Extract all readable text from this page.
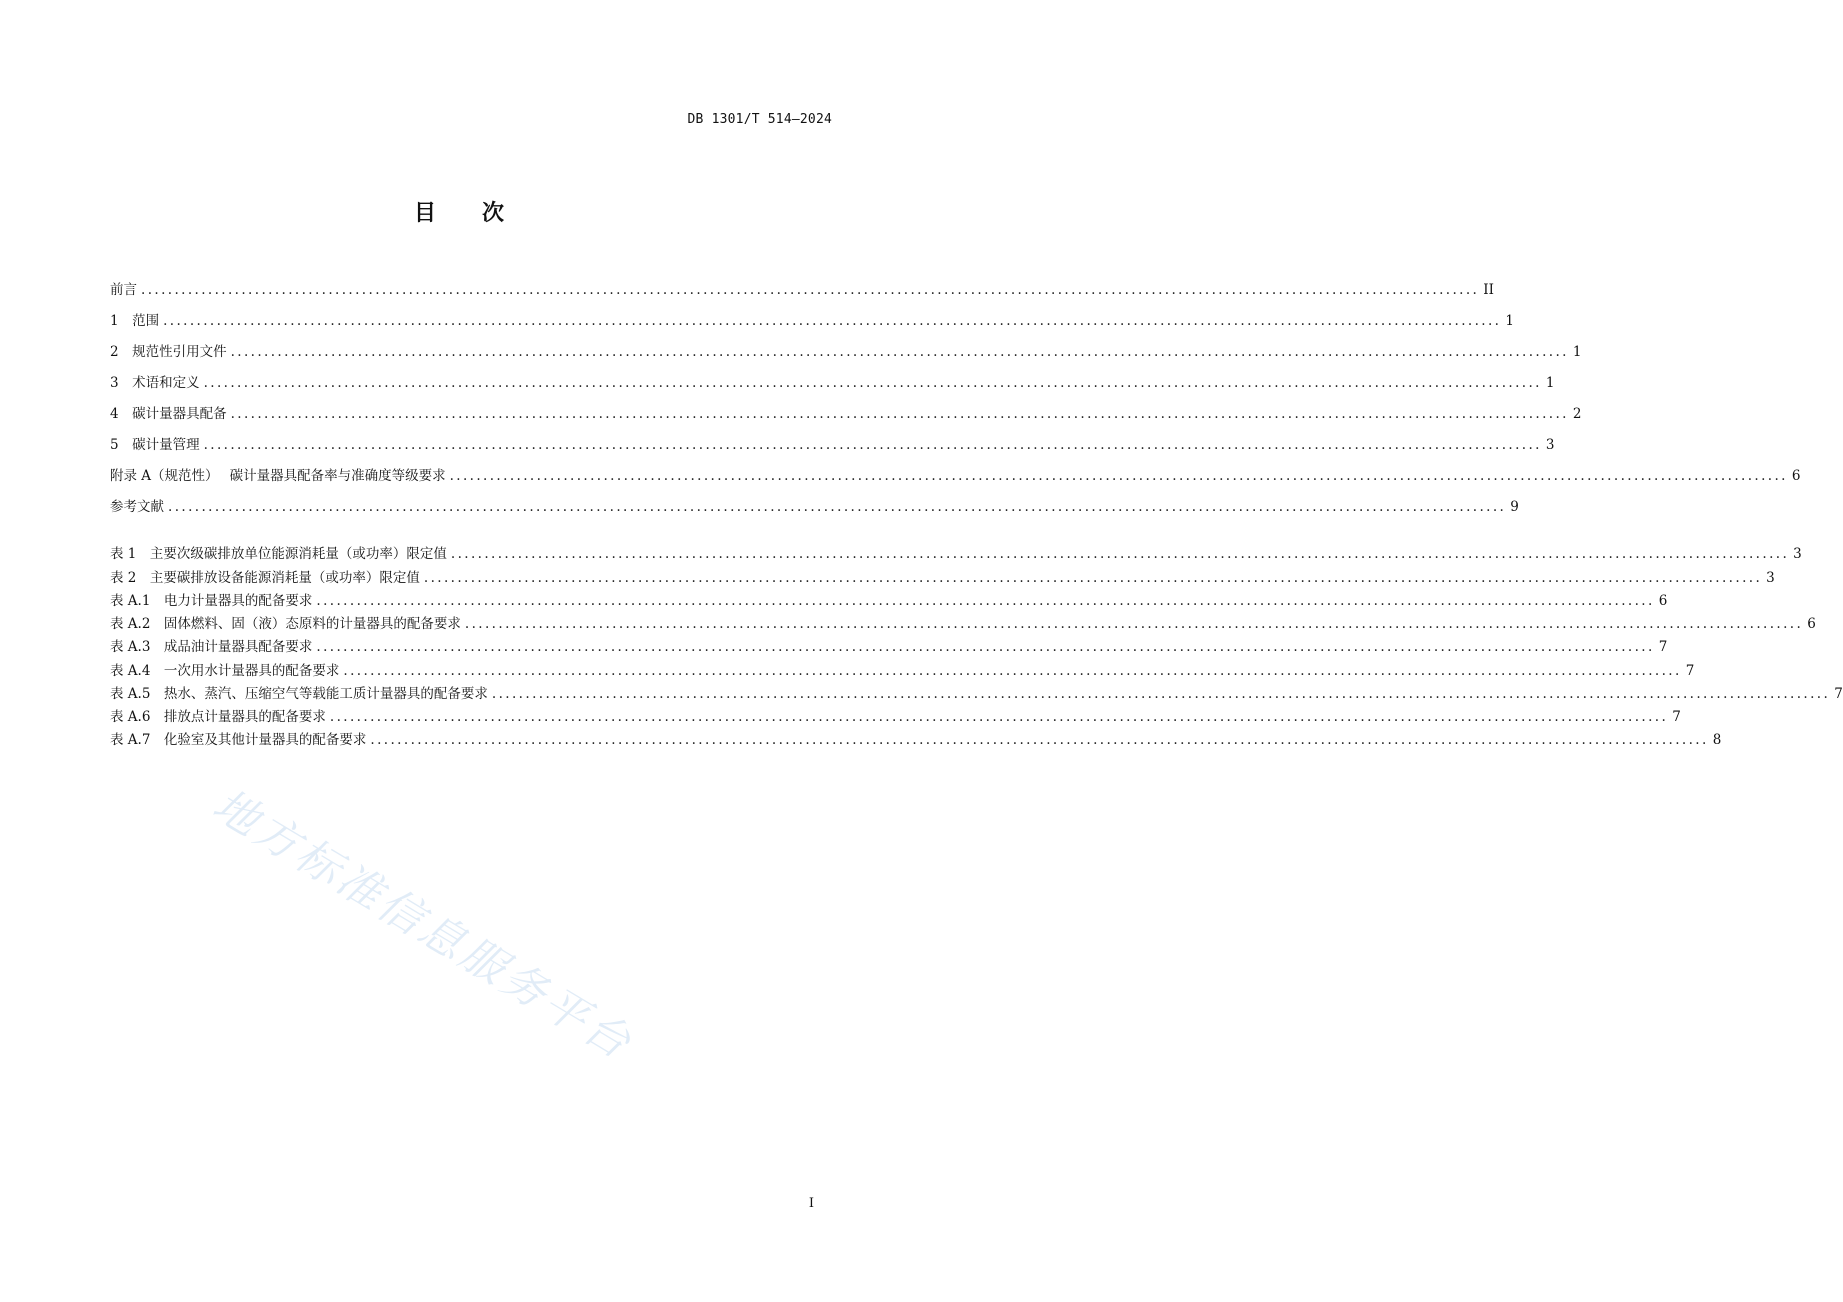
DB 1301/T 514—2024
目 次
前言 ........................................................................................................................................................................................................ II
1　 范围 ........................................................................................................................................................................................................ 1
2　 规范性引用文件 ........................................................................................................................................................................................................ 1
3　 术语和定义 ........................................................................................................................................................................................................ 1
4　 碳计量器具配备 ........................................................................................................................................................................................................ 2
5　 碳计量管理 ........................................................................................................................................................................................................ 3
附录 A（规范性）　 碳计量器具配备率与准确度等级要求 ........................................................................................................................................................................................................ 6
参考文献 ........................................................................................................................................................................................................ 9
表 1　 主要次级碳排放单位能源消耗量（或功率）限定值 ........................................................................................................................................................................................................ 3
表 2　 主要碳排放设备能源消耗量（或功率）限定值 ........................................................................................................................................................................................................ 3
表 A.1　 电力计量器具的配备要求 ........................................................................................................................................................................................................ 6
表 A.2　 固体燃料、固（液）态原料的计量器具的配备要求 ........................................................................................................................................................................................................ 6
表 A.3　 成品油计量器具配备要求 ........................................................................................................................................................................................................ 7
表 A.4　 一次用水计量器具的配备要求 ........................................................................................................................................................................................................ 7
表 A.5　 热水、蒸汽、压缩空气等载能工质计量器具的配备要求 ........................................................................................................................................................................................................ 7
表 A.6　 排放点计量器具的配备要求 ........................................................................................................................................................................................................ 7
表 A.7　 化验室及其他计量器具的配备要求 ........................................................................................................................................................................................................ 8
地方标准信息服务平台
I
